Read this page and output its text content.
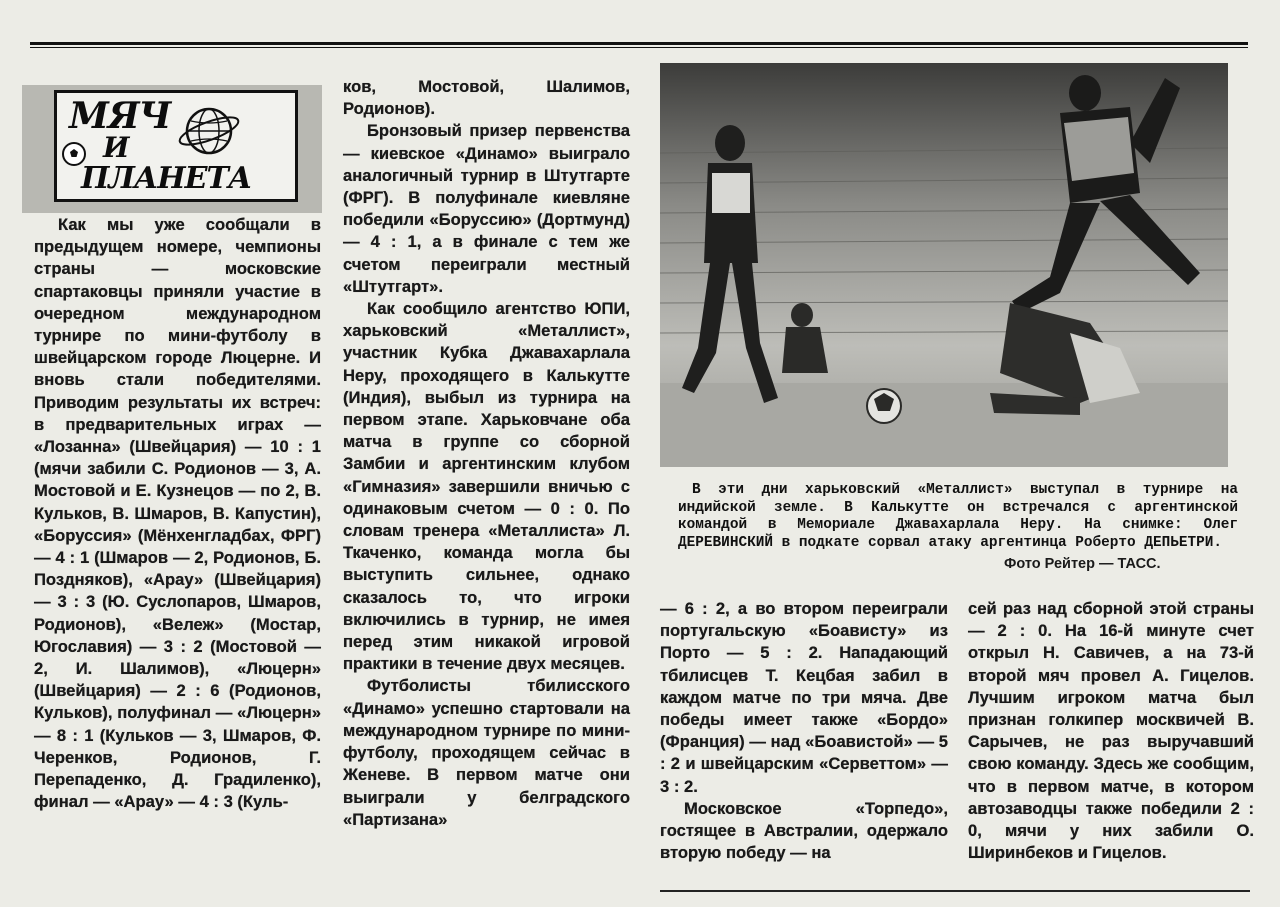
МЯЧ
И
ПЛАНЕТА

Как мы уже сообщали в предыдущем номере, чемпионы страны — московские спартаковцы приняли участие в очередном международном турнире по мини-футболу в швейцарском городе Люцерне. И вновь стали победителями. Приводим результаты их встреч: в предварительных играх — «Лозанна» (Швейцария) — 10 : 1 (мячи забили С. Родионов — 3, А. Мостовой и Е. Кузнецов — по 2, В. Кульков, В. Шмаров, В. Капустин), «Боруссия» (Мёнхенгладбах, ФРГ) — 4 : 1 (Шмаров — 2, Родионов, Б. Поздняков), «Арау» (Швейцария) — 3 : 3 (Ю. Суслопаров, Шмаров, Родионов), «Вележ» (Мостар, Югославия) — 3 : 2 (Мостовой — 2, И. Шалимов), «Люцерн» (Швейцария) — 2 : 6 (Родионов, Кульков), полуфинал — «Люцерн» — 8 : 1 (Кульков — 3, Шмаров, Ф. Черенков, Родионов, Г. Перепаденко, Д. Градиленко), финал — «Арау» — 4 : 3 (Куль-

ков, Мостовой, Шалимов, Родионов).

Бронзовый призер первенства — киевское «Динамо» выиграло аналогичный турнир в Штутгарте (ФРГ). В полуфинале киевляне победили «Боруссию» (Дортмунд) — 4 : 1, а в финале с тем же счетом переиграли местный «Штутгарт».

Как сообщило агентство ЮПИ, харьковский «Металлист», участник Кубка Джавахарлала Неру, проходящего в Калькутте (Индия), выбыл из турнира на первом этапе. Харьковчане оба матча в группе со сборной Замбии и аргентинским клубом «Гимназия» завершили вничью с одинаковым счетом — 0 : 0. По словам тренера «Металлиста» Л. Ткаченко, команда могла бы выступить сильнее, однако сказалось то, что игроки включились в турнир, не имея перед этим никакой игровой практики в течение двух месяцев.

Футболисты тбилисского «Динамо» успешно стартовали на международном турнире по мини-футболу, проходящем сейчас в Женеве. В первом матче они выиграли у белградского «Партизана»

— 6 : 2, а во втором переиграли португальскую «Боависту» из Порто — 5 : 2. Нападающий тбилисцев Т. Кецбая забил в каждом матче по три мяча. Две победы имеет также «Бордо» (Франция) — над «Боавистой» — 5 : 2 и швейцарским «Серветтом» — 3 : 2.

Московское «Торпедо», гостящее в Австралии, одержало вторую победу — на

сей раз над сборной этой страны — 2 : 0. На 16-й минуте счет открыл Н. Савичев, а на 73-й второй мяч провел А. Гицелов. Лучшим игроком матча был признан голкипер москвичей В. Сарычев, не раз выручавший свою команду. Здесь же сообщим, что в первом матче, в котором автозаводцы также победили 2 : 0, мячи у них забили О. Ширинбеков и Гицелов.

В эти дни харьковский «Металлист» выступал в турнире на индийской земле. В Калькутте он встречался с аргентинской командой в Мемориале Джавахарлала Неру. На снимке: Олег ДЕРЕВИНСКИЙ в подкате сорвал атаку аргентинца Роберто ДЕПЬЕТРИ.

Фото Рейтер — ТАСС.
